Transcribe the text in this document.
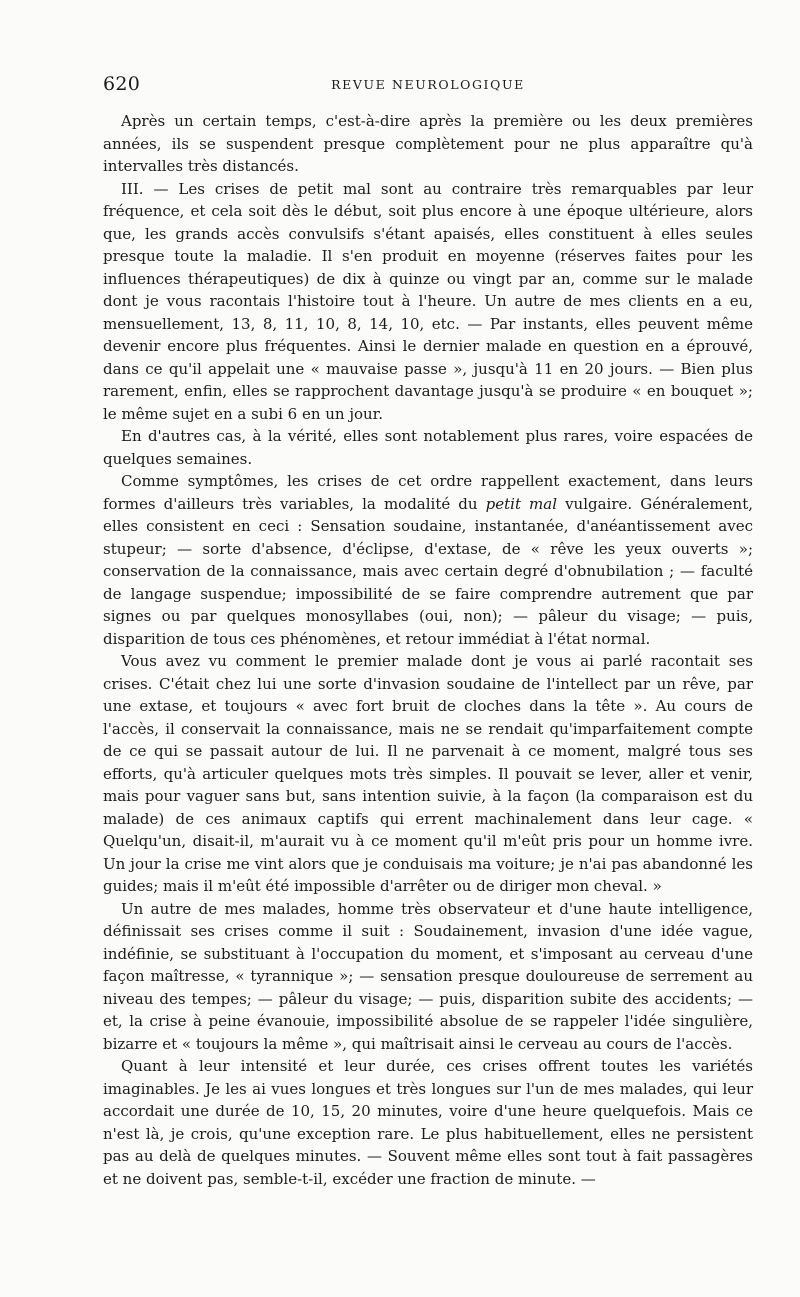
620	REVUE NEUROLOGIQUE

Après un certain temps, c'est-à-dire après la première ou les deux premières années, ils se suspendent presque complètement pour ne plus apparaître qu'à intervalles très distancés.

III. — Les crises de petit mal sont au contraire très remarquables par leur fréquence, et cela soit dès le début, soit plus encore à une époque ultérieure, alors que, les grands accès convulsifs s'étant apaisés, elles constituent à elles seules presque toute la maladie. Il s'en produit en moyenne (réserves faites pour les influences thérapeutiques) de dix à quinze ou vingt par an, comme sur le malade dont je vous racontais l'histoire tout à l'heure. Un autre de mes clients en a eu, mensuellement, 13, 8, 11, 10, 8, 14, 10, etc. — Par instants, elles peuvent même devenir encore plus fréquentes. Ainsi le dernier malade en question en a éprouvé, dans ce qu'il appelait une « mauvaise passe », jusqu'à 11 en 20 jours. — Bien plus rarement, enfin, elles se rapprochent davantage jusqu'à se produire « en bouquet »; le même sujet en a subi 6 en un jour.

En d'autres cas, à la vérité, elles sont notablement plus rares, voire espacées de quelques semaines.

Comme symptômes, les crises de cet ordre rappellent exactement, dans leurs formes d'ailleurs très variables, la modalité du petit mal vulgaire. Généralement, elles consistent en ceci : Sensation soudaine, instantanée, d'anéantissement avec stupeur; — sorte d'absence, d'éclipse, d'extase, de « rêve les yeux ouverts »; conservation de la connaissance, mais avec certain degré d'obnubilation ; — faculté de langage suspendue; impossibilité de se faire comprendre autrement que par signes ou par quelques monosyllabes (oui, non); — pâleur du visage; — puis, disparition de tous ces phénomènes, et retour immédiat à l'état normal.

Vous avez vu comment le premier malade dont je vous ai parlé racontait ses crises. C'était chez lui une sorte d'invasion soudaine de l'intellect par un rêve, par une extase, et toujours « avec fort bruit de cloches dans la tête ». Au cours de l'accès, il conservait la connaissance, mais ne se rendait qu'imparfaitement compte de ce qui se passait autour de lui. Il ne parvenait à ce moment, malgré tous ses efforts, qu'à articuler quelques mots très simples. Il pouvait se lever, aller et venir, mais pour vaguer sans but, sans intention suivie, à la façon (la comparaison est du malade) de ces animaux captifs qui errent machinalement dans leur cage. « Quelqu'un, disait-il, m'aurait vu à ce moment qu'il m'eût pris pour un homme ivre. Un jour la crise me vint alors que je conduisais ma voiture; je n'ai pas abandonné les guides; mais il m'eût été impossible d'arrêter ou de diriger mon cheval. »

Un autre de mes malades, homme très observateur et d'une haute intelligence, définissait ses crises comme il suit : Soudainement, invasion d'une idée vague, indéfinie, se substituant à l'occupation du moment, et s'imposant au cerveau d'une façon maîtresse, « tyrannique »; — sensation presque douloureuse de serrement au niveau des tempes; — pâleur du visage; — puis, disparition subite des accidents; — et, la crise à peine évanouie, impossibilité absolue de se rappeler l'idée singulière, bizarre et « toujours la même », qui maîtrisait ainsi le cerveau au cours de l'accès.

Quant à leur intensité et leur durée, ces crises offrent toutes les variétés imaginables. Je les ai vues longues et très longues sur l'un de mes malades, qui leur accordait une durée de 10, 15, 20 minutes, voire d'une heure quelquefois. Mais ce n'est là, je crois, qu'une exception rare. Le plus habituellement, elles ne persistent pas au delà de quelques minutes. — Souvent même elles sont tout à fait passagères et ne doivent pas, semble-t-il, excéder une fraction de minute. —
